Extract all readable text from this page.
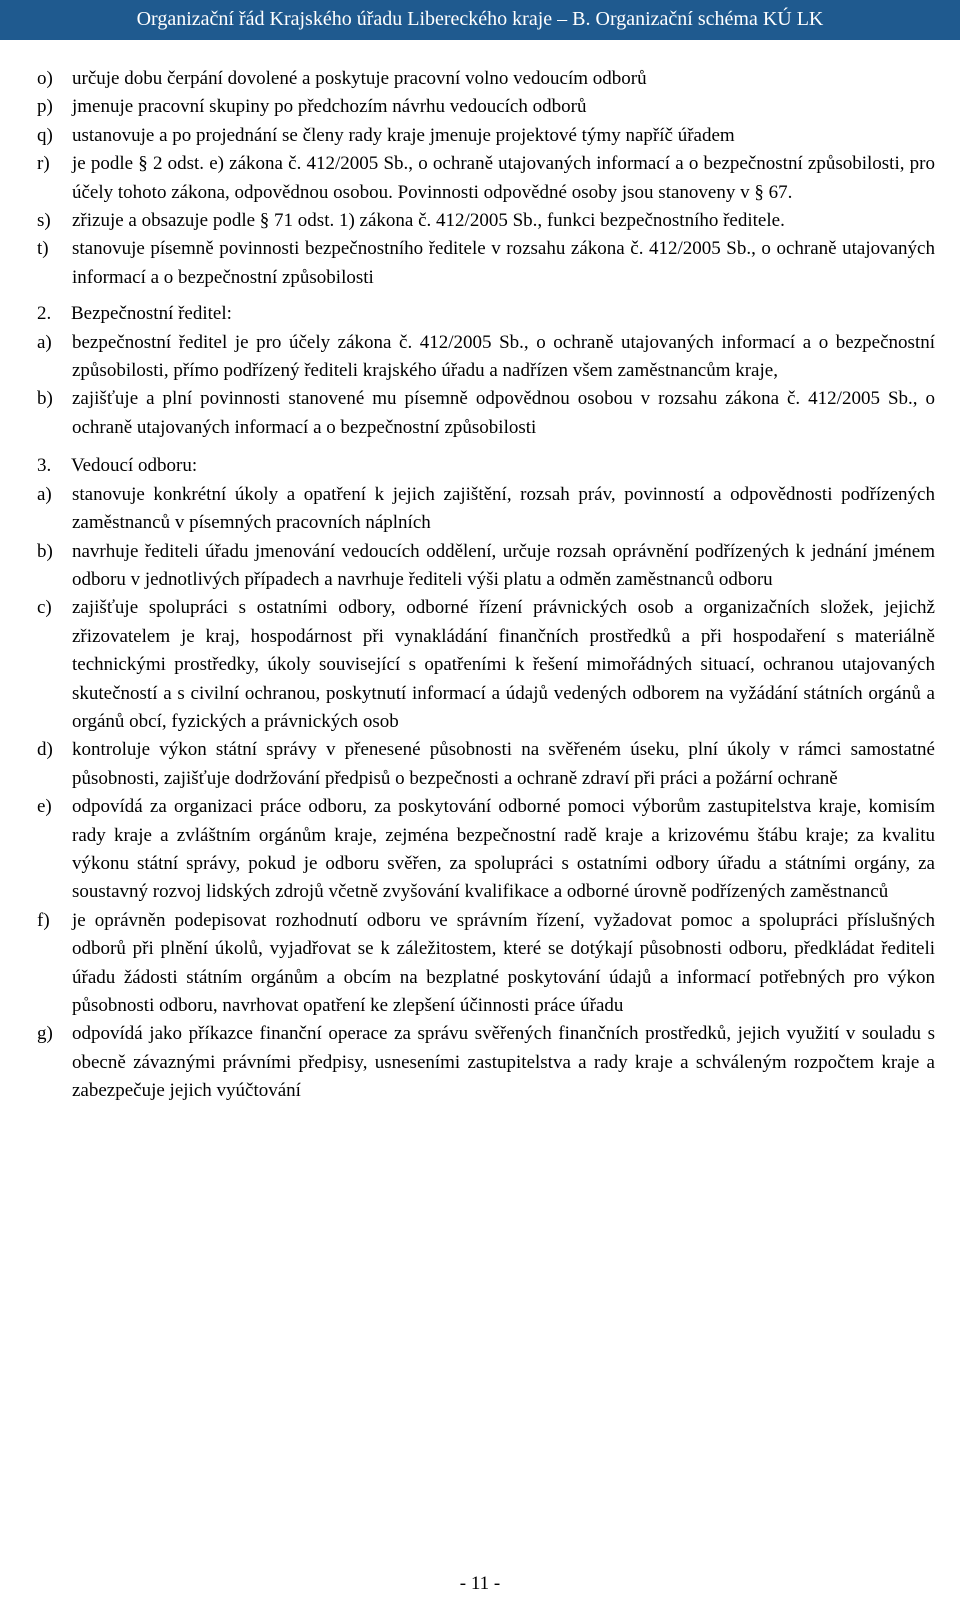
Organizační řád Krajského úřadu Libereckého kraje – B. Organizační schéma KÚ LK
o)	určuje dobu čerpání dovolené a poskytuje pracovní volno vedoucím odborů
p)	jmenuje pracovní skupiny po předchozím návrhu vedoucích odborů
q)	ustanovuje a po projednání se členy rady kraje jmenuje projektové týmy napříč úřadem
r)	je podle § 2 odst. e) zákona č. 412/2005 Sb., o ochraně utajovaných informací a o bezpečnostní způsobilosti, pro účely tohoto zákona, odpovědnou osobou. Povinnosti odpovědné osoby jsou stanoveny v § 67.
s)	zřizuje a obsazuje podle § 71 odst. 1) zákona č. 412/2005 Sb., funkci bezpečnostního ředitele.
t)	stanovuje písemně povinnosti bezpečnostního ředitele v rozsahu zákona č. 412/2005 Sb., o ochraně utajovaných informací a o bezpečnostní způsobilosti
2.	Bezpečnostní ředitel:
a)	bezpečnostní ředitel je pro účely zákona č. 412/2005 Sb., o ochraně utajovaných informací a o bezpečnostní způsobilosti, přímo podřízený řediteli krajského úřadu a nadřízen všem zaměstnancům kraje,
b)	zajišťuje a plní povinnosti stanovené mu písemně odpovědnou osobou v rozsahu zákona č. 412/2005 Sb., o ochraně utajovaných informací a o bezpečnostní způsobilosti
3.	Vedoucí odboru:
a)	stanovuje konkrétní úkoly a opatření k jejich zajištění, rozsah práv, povinností a odpovědnosti podřízených zaměstnanců v písemných pracovních náplních
b)	navrhuje řediteli úřadu jmenování vedoucích oddělení, určuje rozsah oprávnění podřízených k jednání jménem odboru v jednotlivých případech a navrhuje řediteli výši platu a odměn zaměstnanců odboru
c)	zajišťuje spolupráci s ostatními odbory, odborné řízení právnických osob a organizačních složek, jejichž zřizovatelem je kraj, hospodárnost při vynakládání finančních prostředků a při hospodaření s materiálně technickými prostředky, úkoly související s opatřeními k řešení mimořádných situací, ochranou utajovaných skutečností a s civilní ochranou, poskytnutí informací a údajů vedených odborem na vyžádání státních orgánů a orgánů obcí, fyzických a právnických osob
d)	kontroluje výkon státní správy v přenesené působnosti na svěřeném úseku, plní úkoly v rámci samostatné působnosti, zajišťuje dodržování předpisů o bezpečnosti a ochraně zdraví při práci a požární ochraně
e)	odpovídá za organizaci práce odboru, za poskytování odborné pomoci výborům zastupitelstva kraje, komisím rady kraje a zvláštním orgánům kraje, zejména bezpečnostní radě kraje a krizovému štábu kraje; za kvalitu výkonu státní správy, pokud je odboru svěřen, za spolupráci s ostatními odbory úřadu a státními orgány, za soustavný rozvoj lidských zdrojů včetně zvyšování kvalifikace a odborné úrovně podřízených zaměstnanců
f)	je oprávněn podepisovat rozhodnutí odboru ve správním řízení, vyžadovat pomoc a spolupráci příslušných odborů při plnění úkolů, vyjadřovat se k záležitostem, které se dotýkají působnosti odboru, předkládat řediteli úřadu žádosti státním orgánům a obcím na bezplatné poskytování údajů a informací potřebných pro výkon působnosti odboru, navrhovat opatření ke zlepšení účinnosti práce úřadu
g)	odpovídá jako příkazce finanční operace za správu svěřených finančních prostředků, jejich využití v souladu s obecně závaznými právními předpisy, usneseními zastupitelstva a rady kraje a schváleným rozpočtem kraje a zabezpečuje jejich vyúčtování
- 11 -
